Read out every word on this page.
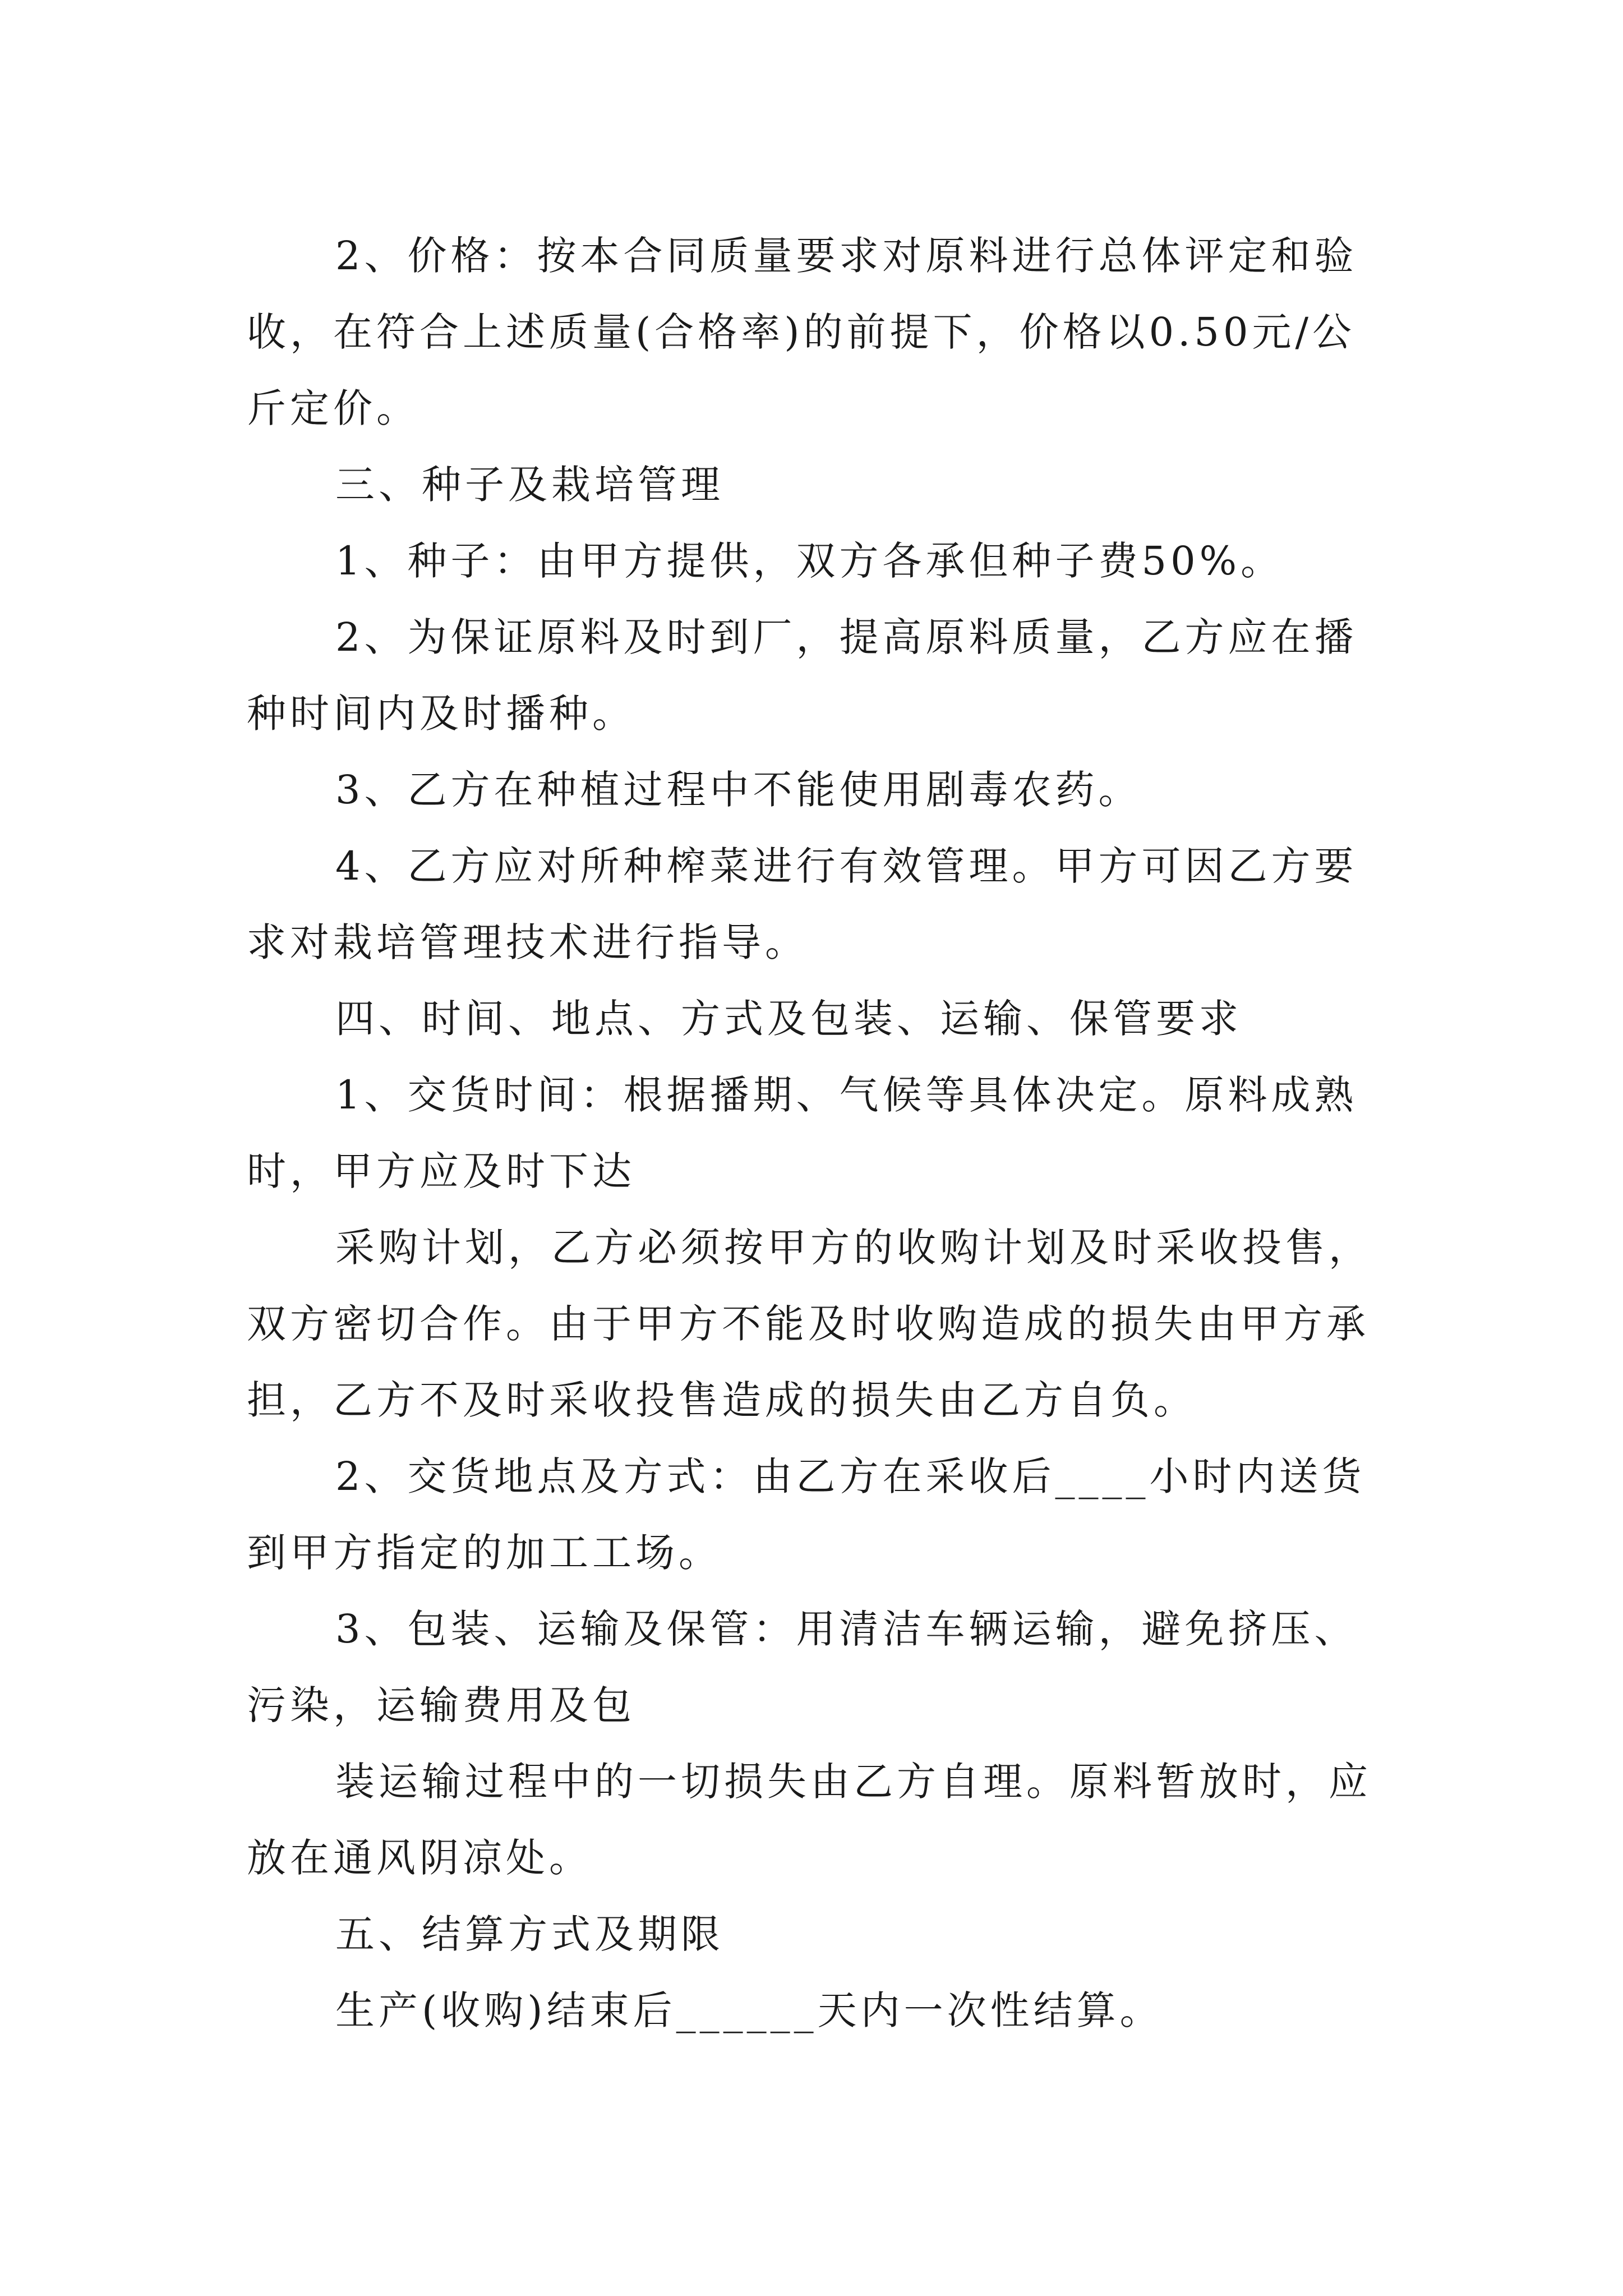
2、价格：按本合同质量要求对原料进行总体评定和验收，在符合上述质量(合格率)的前提下，价格以0.50元/公斤定价。

三、种子及栽培管理

1、种子：由甲方提供，双方各承但种子费50%。

2、为保证原料及时到厂，提高原料质量，乙方应在播种时间内及时播种。

3、乙方在种植过程中不能使用剧毒农药。

4、乙方应对所种榨菜进行有效管理。甲方可因乙方要求对栽培管理技术进行指导。

四、时间、地点、方式及包装、运输、保管要求

1、交货时间：根据播期、气候等具体决定。原料成熟时，甲方应及时下达

采购计划，乙方必须按甲方的收购计划及时采收投售，双方密切合作。由于甲方不能及时收购造成的损失由甲方承担，乙方不及时采收投售造成的损失由乙方自负。

2、交货地点及方式：由乙方在采收后____小时内送货到甲方指定的加工工场。

3、包装、运输及保管：用清洁车辆运输，避免挤压、污染，运输费用及包

装运输过程中的一切损失由乙方自理。原料暂放时，应放在通风阴凉处。

五、结算方式及期限

生产(收购)结束后______天内一次性结算。
